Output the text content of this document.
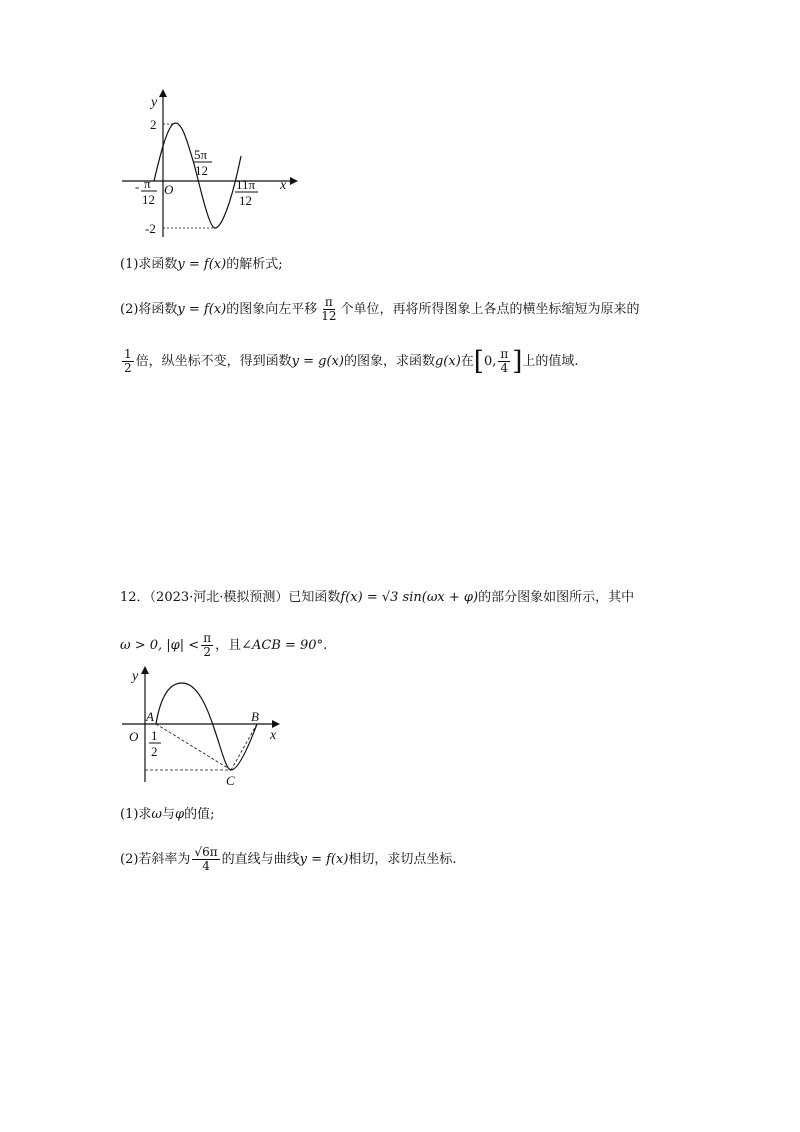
y
x
2
-2
O
- π
12
5π
12
11π
12
(1)求函数y = f(x)的解析式;
(2)将函数y = f(x)的图象向左平移 $\frac{\pi}{12}$ 个单位，再将所得图象上各点的横坐标缩短为原来的
$\frac{1}{2}$ 倍，纵坐标不变，得到函数y = g(x)的图象，求函数g(x)在[0, $\frac{\pi}{4}$ ]上的值域.
12．（2023·河北·模拟预测）已知函数f(x) = √3 sin(ωx + φ)的部分图象如图所示，其中
ω > 0, $|\varphi| < \frac{\pi}{2}$ ，且∠ACB = 90°.
y
x
O
A	B
C
1
2
(1)求ω与φ的值;
(2)若斜率为 $\frac{√6\pi}{4}$ 的直线与曲线y = f(x)相切，求切点坐标.
